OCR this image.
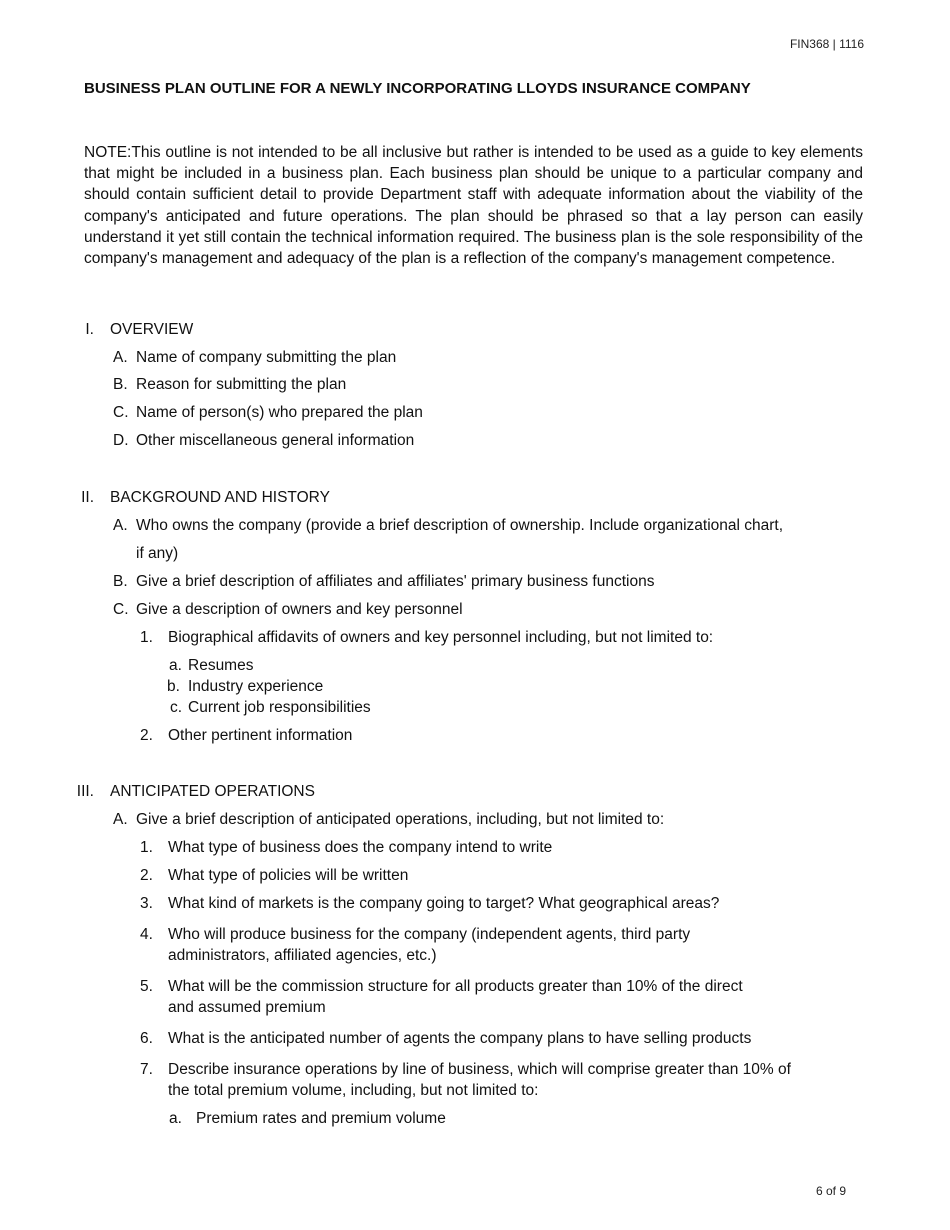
FIN368 | 1116
BUSINESS PLAN OUTLINE FOR A NEWLY INCORPORATING LLOYDS INSURANCE COMPANY

NOTE:This outline is not intended to be all inclusive but rather is intended to be used as a guide to key elements that might be included in a business plan. Each business plan should be unique to a particular company and should contain sufficient detail to provide Department staff with adequate information about the viability of the company's anticipated and future operations. The plan should be phrased so that a lay person can easily understand it yet still contain the technical information required. The business plan is the sole responsibility of the company's management and adequacy of the plan is a reflection of the company's management competence.

I. OVERVIEW
A. Name of company submitting the plan
B. Reason for submitting the plan
C. Name of person(s) who prepared the plan
D. Other miscellaneous general information
II. BACKGROUND AND HISTORY
A. Who owns the company (provide a brief description of ownership. Include organizational chart,
if any)
B. Give a brief description of affiliates and affiliates' primary business functions
C. Give a description of owners and key personnel
1. Biographical affidavits of owners and key personnel including, but not limited to:
a. Resumes
b. Industry experience
c. Current job responsibilities
2. Other pertinent information
III. ANTICIPATED OPERATIONS
A. Give a brief description of anticipated operations, including, but not limited to:
1. What type of business does the company intend to write
2. What type of policies will be written
3. What kind of markets is the company going to target? What geographical areas?
4. Who will produce business for the company (independent agents, third party
administrators, affiliated agencies, etc.)
5. What will be the commission structure for all products greater than 10% of the direct
and assumed premium
6. What is the anticipated number of agents the company plans to have selling products
7. Describe insurance operations by line of business, which will comprise greater than 10% of
the total premium volume, including, but not limited to:
a. Premium rates and premium volume
6 of 9
